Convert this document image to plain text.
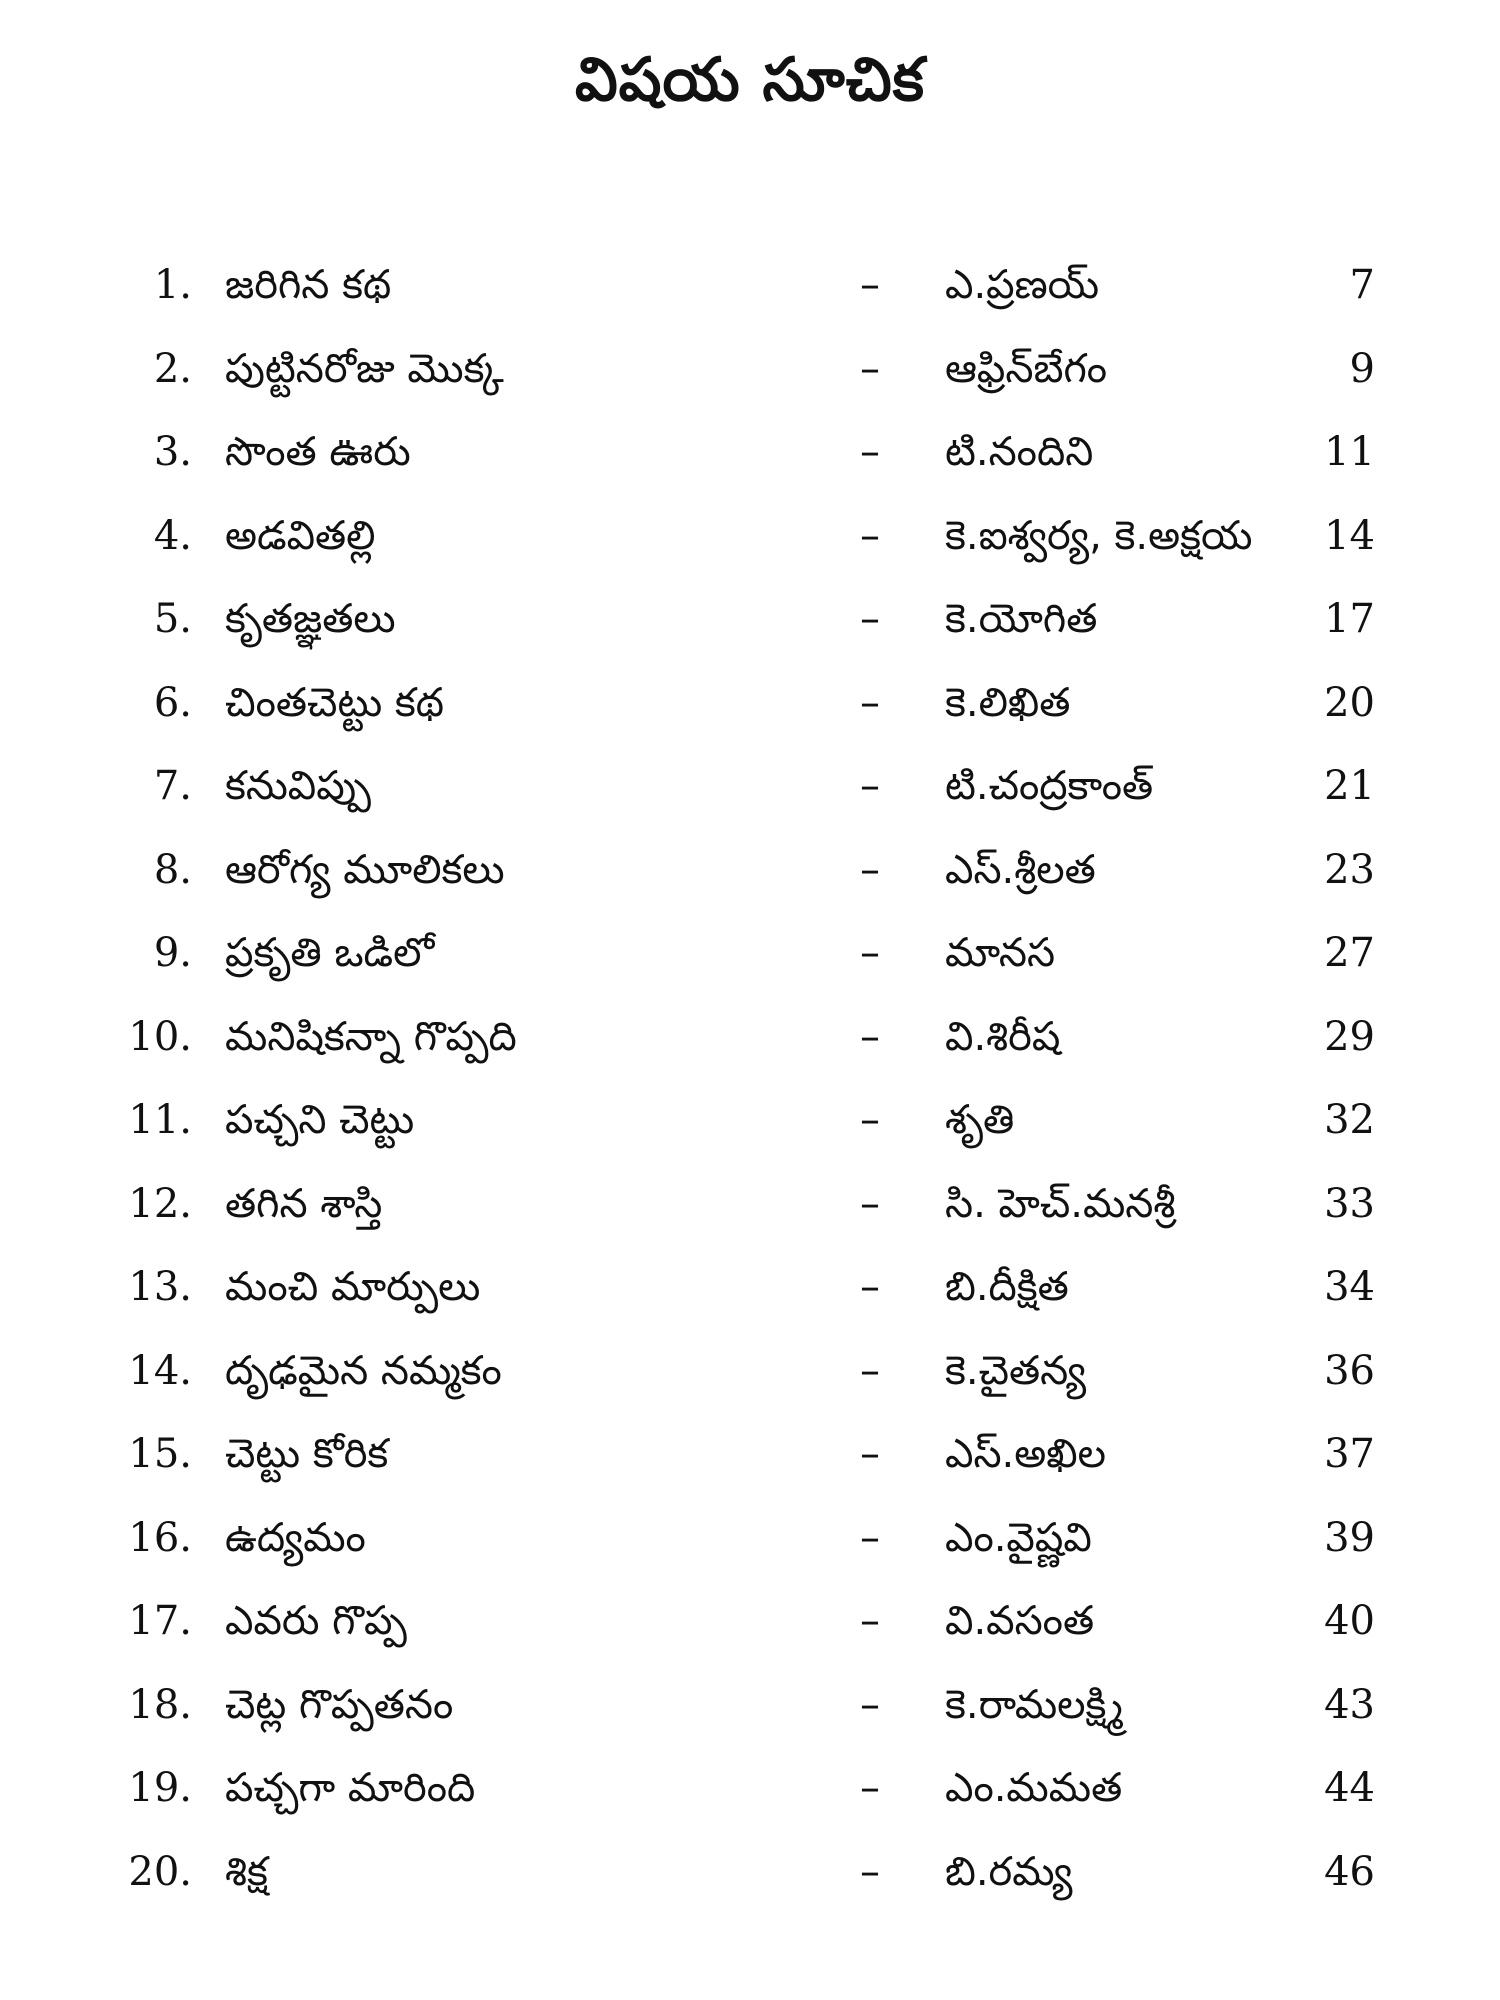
విషయ సూచిక
1. జరిగిన కథ	– ఎ.ప్రణయ్	7
2. పుట్టినరోజు మొక్క	– ఆఫ్రిన్‌బేగం	9
3. సొంత ఊరు	– టి.నందిని	11
4. అడవితల్లి	– కె.ఐశ్వర్య, కె.అక్షయ	14
5. కృతజ్ఞతలు	– కె.యోగిత	17
6. చింతచెట్టు కథ	– కె.లిఖిత	20
7. కనువిప్పు	– టి.చంద్రకాంత్	21
8. ఆరోగ్య మూలికలు	– ఎస్.శ్రీలత	23
9. ప్రకృతి ఒడిలో	– మానస	27
10. మనిషికన్నా గొప్పది	– వి.శిరీష	29
11. పచ్చని చెట్టు	– శృతి	32
12. తగిన శాస్తి	– సి. హెచ్.మనశ్రీ	33
13. మంచి మార్పులు	– బి.దీక్షిత	34
14. దృఢమైన నమ్మకం	– కె.చైతన్య	36
15. చెట్టు కోరిక	– ఎస్.అఖిల	37
16. ఉద్యమం	– ఎం.వైష్ణవి	39
17. ఎవరు గొప్ప	– వి.వసంత	40
18. చెట్ల గొప్పతనం	– కె.రామలక్ష్మి	43
19. పచ్చగా మారింది	– ఎం.మమత	44
20. శిక్ష	– బి.రమ్య	46
